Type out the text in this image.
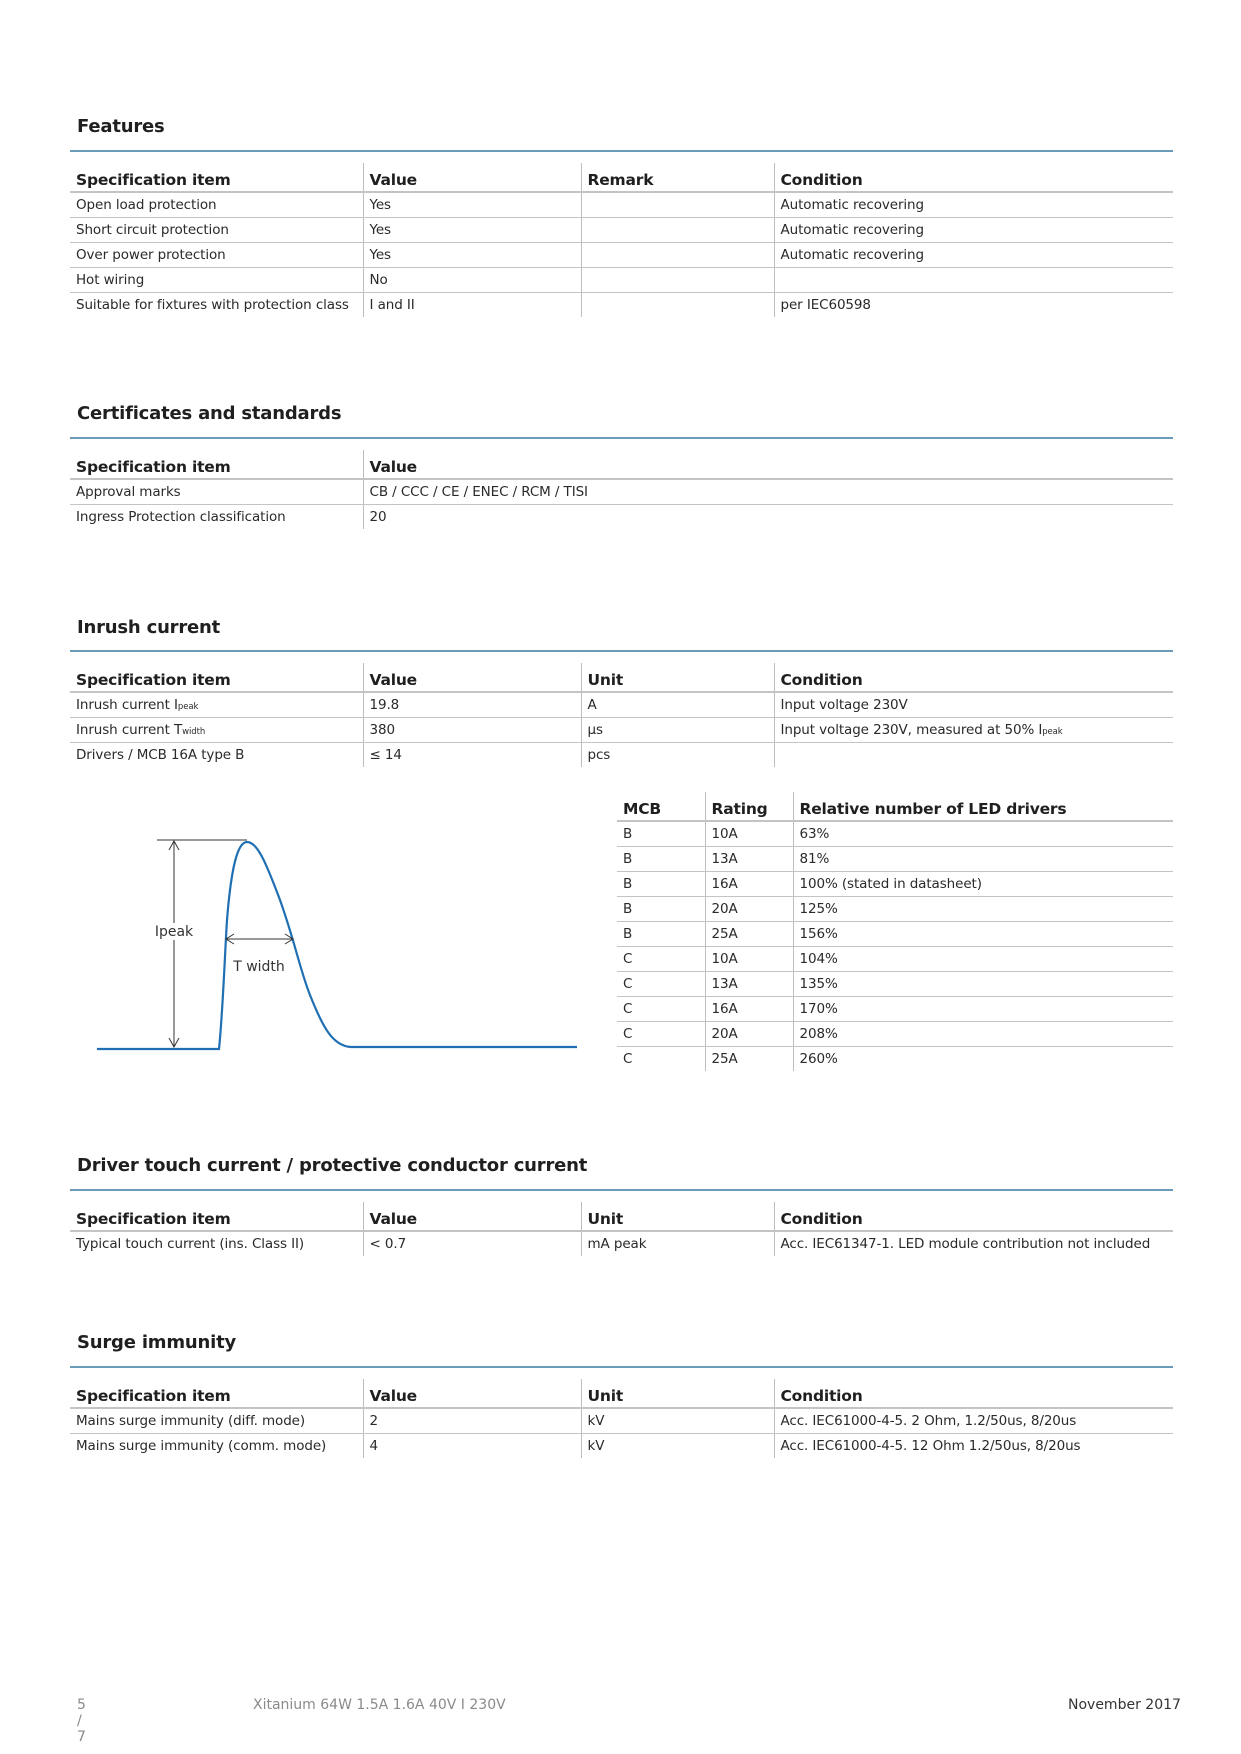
Features
Specification item	Value	Remark	Condition
Open load protection	Yes		Automatic recovering
Short circuit protection	Yes		Automatic recovering
Over power protection	Yes		Automatic recovering
Hot wiring	No		
Suitable for fixtures with protection class	I and II		per IEC60598
Certificates and standards
Specification item	Value
Approval marks	CB / CCC / CE / ENEC / RCM / TISI
Ingress Protection classification	20
Inrush current
Specification item	Value	Unit	Condition
Inrush current Ipeak	19.8	A	Input voltage 230V
Inrush current Twidth	380	µs	Input voltage 230V, measured at 50% Ipeak
Drivers / MCB 16A type B	≤ 14	pcs	
MCB	Rating	Relative number of LED drivers
B	10A	63%
B	13A	81%
B	16A	100% (stated in datasheet)
B	20A	125%
B	25A	156%
C	10A	104%
C	13A	135%
C	16A	170%
C	20A	208%
C	25A	260%
Ipeak
T width
Driver touch current / protective conductor current
Specification item	Value	Unit	Condition
Typical touch current (ins. Class II)	< 0.7	mA peak	Acc. IEC61347-1. LED module contribution not included
Surge immunity
Specification item	Value	Unit	Condition
Mains surge immunity (diff. mode)	2	kV	Acc. IEC61000-4-5. 2 Ohm, 1.2/50us, 8/20us
Mains surge immunity (comm. mode)	4	kV	Acc. IEC61000-4-5. 12 Ohm 1.2/50us, 8/20us
5 / 7
Xitanium 64W 1.5A 1.6A 40V I 230V	November 2017
